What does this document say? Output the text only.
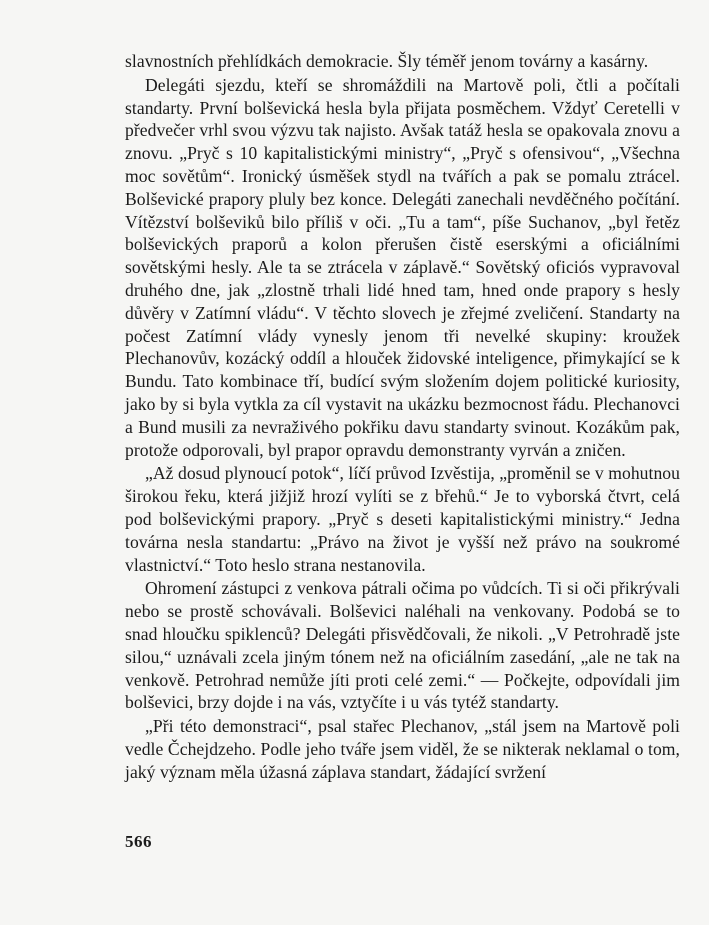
slavnostních přehlídkách demokracie. Šly téměř jenom továrny a kasárny.

Delegáti sjezdu, kteří se shromáždili na Martově poli, čtli a počítali standarty. První bolševická hesla byla přijata posměchem. Vždyť Ceretelli v předvečer vrhl svou výzvu tak najisto. Avšak tatáž hesla se opakovala znovu a znovu. „Pryč s 10 kapitalistickými ministry“, „Pryč s ofensivou“, „Všechna moc sovětům“. Ironický úsměšek stydl na tvářích a pak se pomalu ztrácel. Bolševické prapory pluly bez konce. Delegáti zanechali nevděčného počítání. Vítězství bolševiků bilo příliš v oči. „Tu a tam“, píše Suchanov, „byl řetěz bolševických praporů a kolon přerušen čistě eserskými a oficiálními sovětskými hesly. Ale ta se ztrácela v záplavě.“ Sovětský oficiós vypravoval druhého dne, jak „zlostně trhali lidé hned tam, hned onde prapory s hesly důvěry v Zatímní vládu“. V těchto slovech je zřejmé zveličení. Standarty na počest Zatímní vlády vynesly jenom tři nevelké skupiny: kroužek Plechanovův, kozácký oddíl a hlouček židovské inteligence, přimykající se k Bundu. Tato kombinace tří, budící svým složením dojem politické kuriosity, jako by si byla vytkla za cíl vystavit na ukázku bezmocnost řádu. Plechanovci a Bund musili za nevraživého pokřiku davu standarty svinout. Kozákům pak, protože odporovali, byl prapor opravdu demonstranty vyrván a zničen.

„Až dosud plynoucí potok“, líčí průvod Izvěstija, „proměnil se v mohutnou širokou řeku, která jižjiž hrozí vylíti se z břehů.“ Je to vyborská čtvrt, celá pod bolševickými prapory. „Pryč s deseti kapitalistickými ministry.“ Jedna továrna nesla standartu: „Právo na život je vyšší než právo na soukromé vlastnictví.“ Toto heslo strana nestanovila.

Ohromení zástupci z venkova pátrali očima po vůdcích. Ti si oči přikrývali nebo se prostě schovávali. Bolševici naléhali na venkovany. Podobá se to snad hloučku spiklenců? Delegáti přisvědčovali, že nikoli. „V Petrohradě jste silou,“ uznávali zcela jiným tónem než na oficiálním zasedání, „ale ne tak na venkově. Petrohrad nemůže jíti proti celé zemi.“ — Počkejte, odpovídali jim bolševici, brzy dojde i na vás, vztyčíte i u vás tytéž standarty.

„Při této demonstraci“, psal stařec Plechanov, „stál jsem na Martově poli vedle Čchejdzeho. Podle jeho tváře jsem viděl, že se nikterak neklamal o tom, jaký význam měla úžasná záplava standart, žádající svržení

566
